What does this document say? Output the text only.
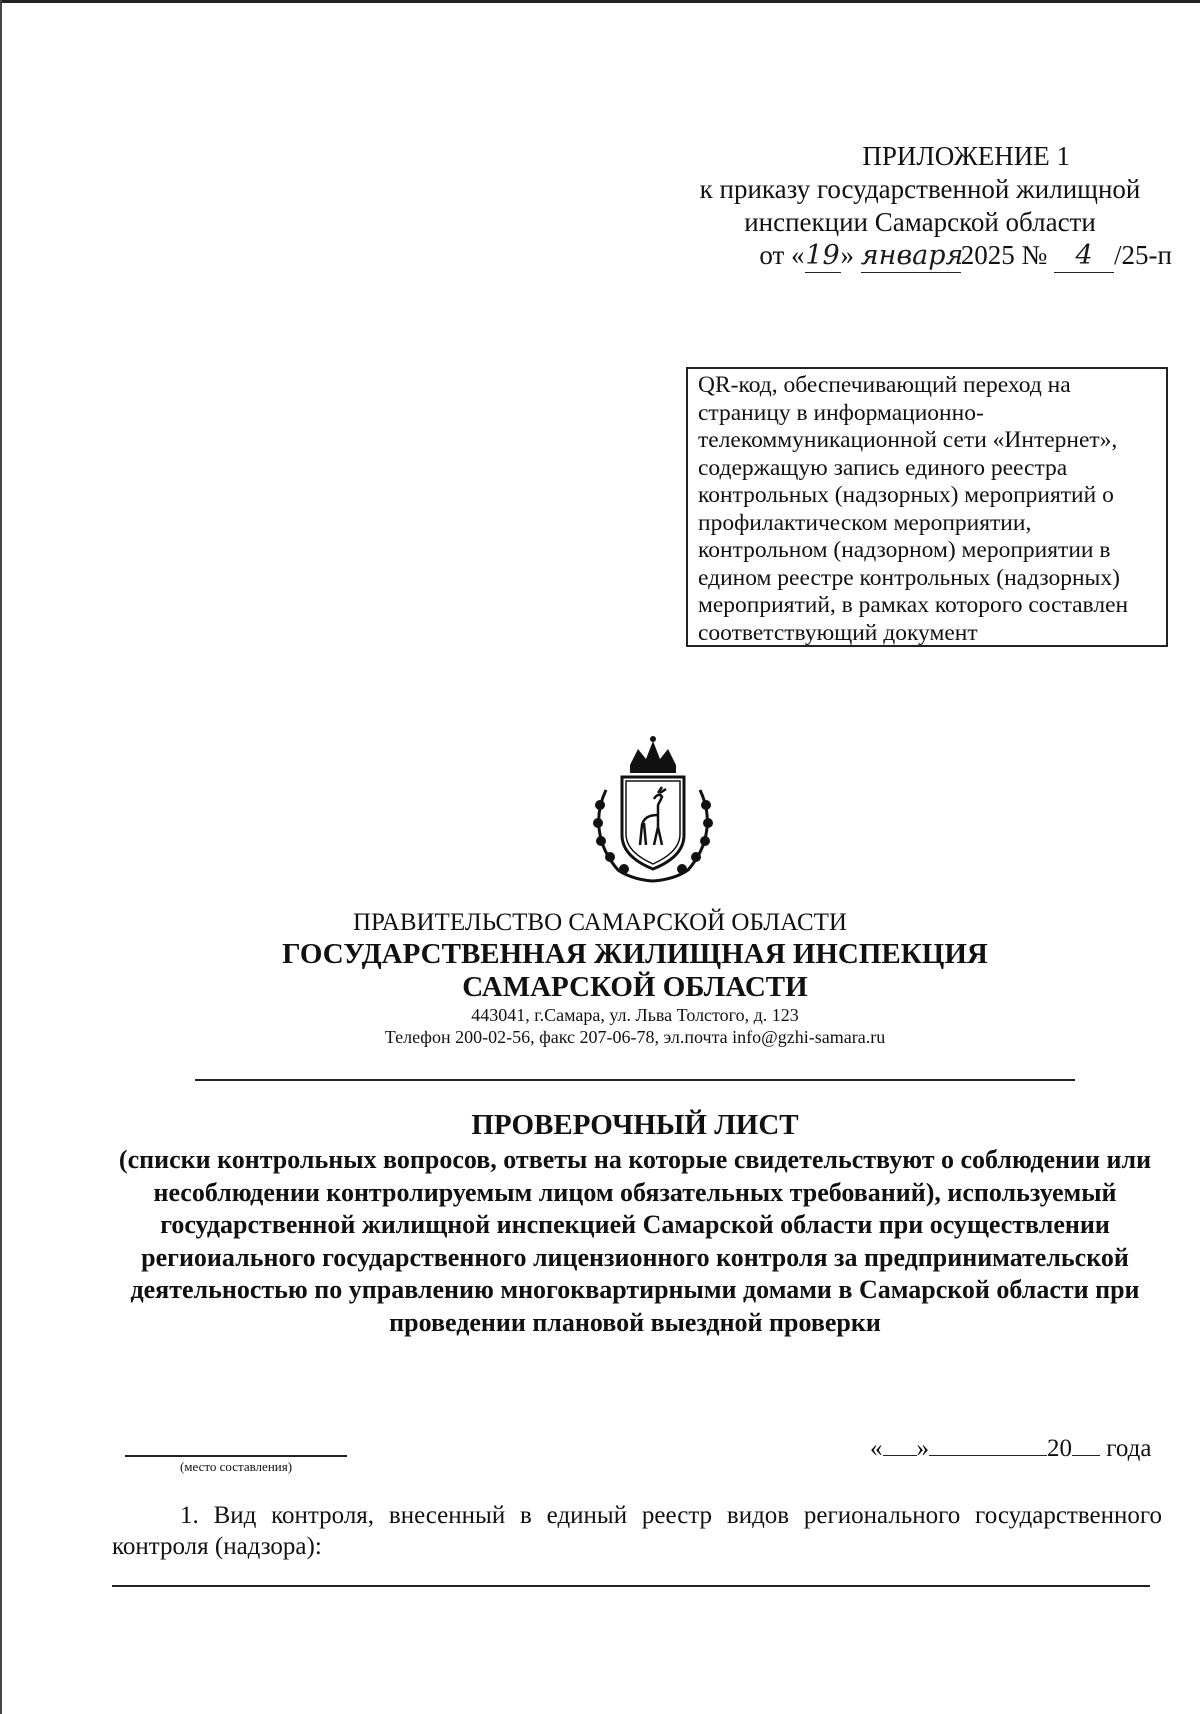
ПРИЛОЖЕНИЕ 1
к приказу государственной жилищной
инспекции Самарской области
от «19» января2025 № 4 /25-п
QR-код, обеспечивающий переход на страницу в информационно-телекоммуникационной сети «Интернет», содержащую запись единого реестра контрольных (надзорных) мероприятий о профилактическом мероприятии, контрольном (надзорном) мероприятии в едином реестре контрольных (надзорных) мероприятий, в рамках которого составлен соответствующий документ
ПРАВИТЕЛЬСТВО САМАРСКОЙ ОБЛАСТИ
ГОСУДАРСТВЕННАЯ ЖИЛИЩНАЯ ИНСПЕКЦИЯ
САМАРСКОЙ ОБЛАСТИ
443041, г.Самара, ул. Льва Толстого, д. 123
Телефон 200-02-56, факс 207-06-78, эл.почта info@gzhi-samara.ru
ПРОВЕРОЧНЫЙ ЛИСТ
(списки контрольных вопросов, ответы на которые свидетельствуют о соблюдении или несоблюдении контролируемым лицом обязательных требований), используемый государственной жилищной инспекцией Самарской области при осуществлении региоиального государственного лицензионного контроля за предпринимательской деятельностью по управлению многоквартирными домами в Самарской области при проведении плановой выездной проверки
(место составления)
« »	20 года
1. Вид контроля, внесенный в единый реестр видов регионального государственного контроля (надзора):
